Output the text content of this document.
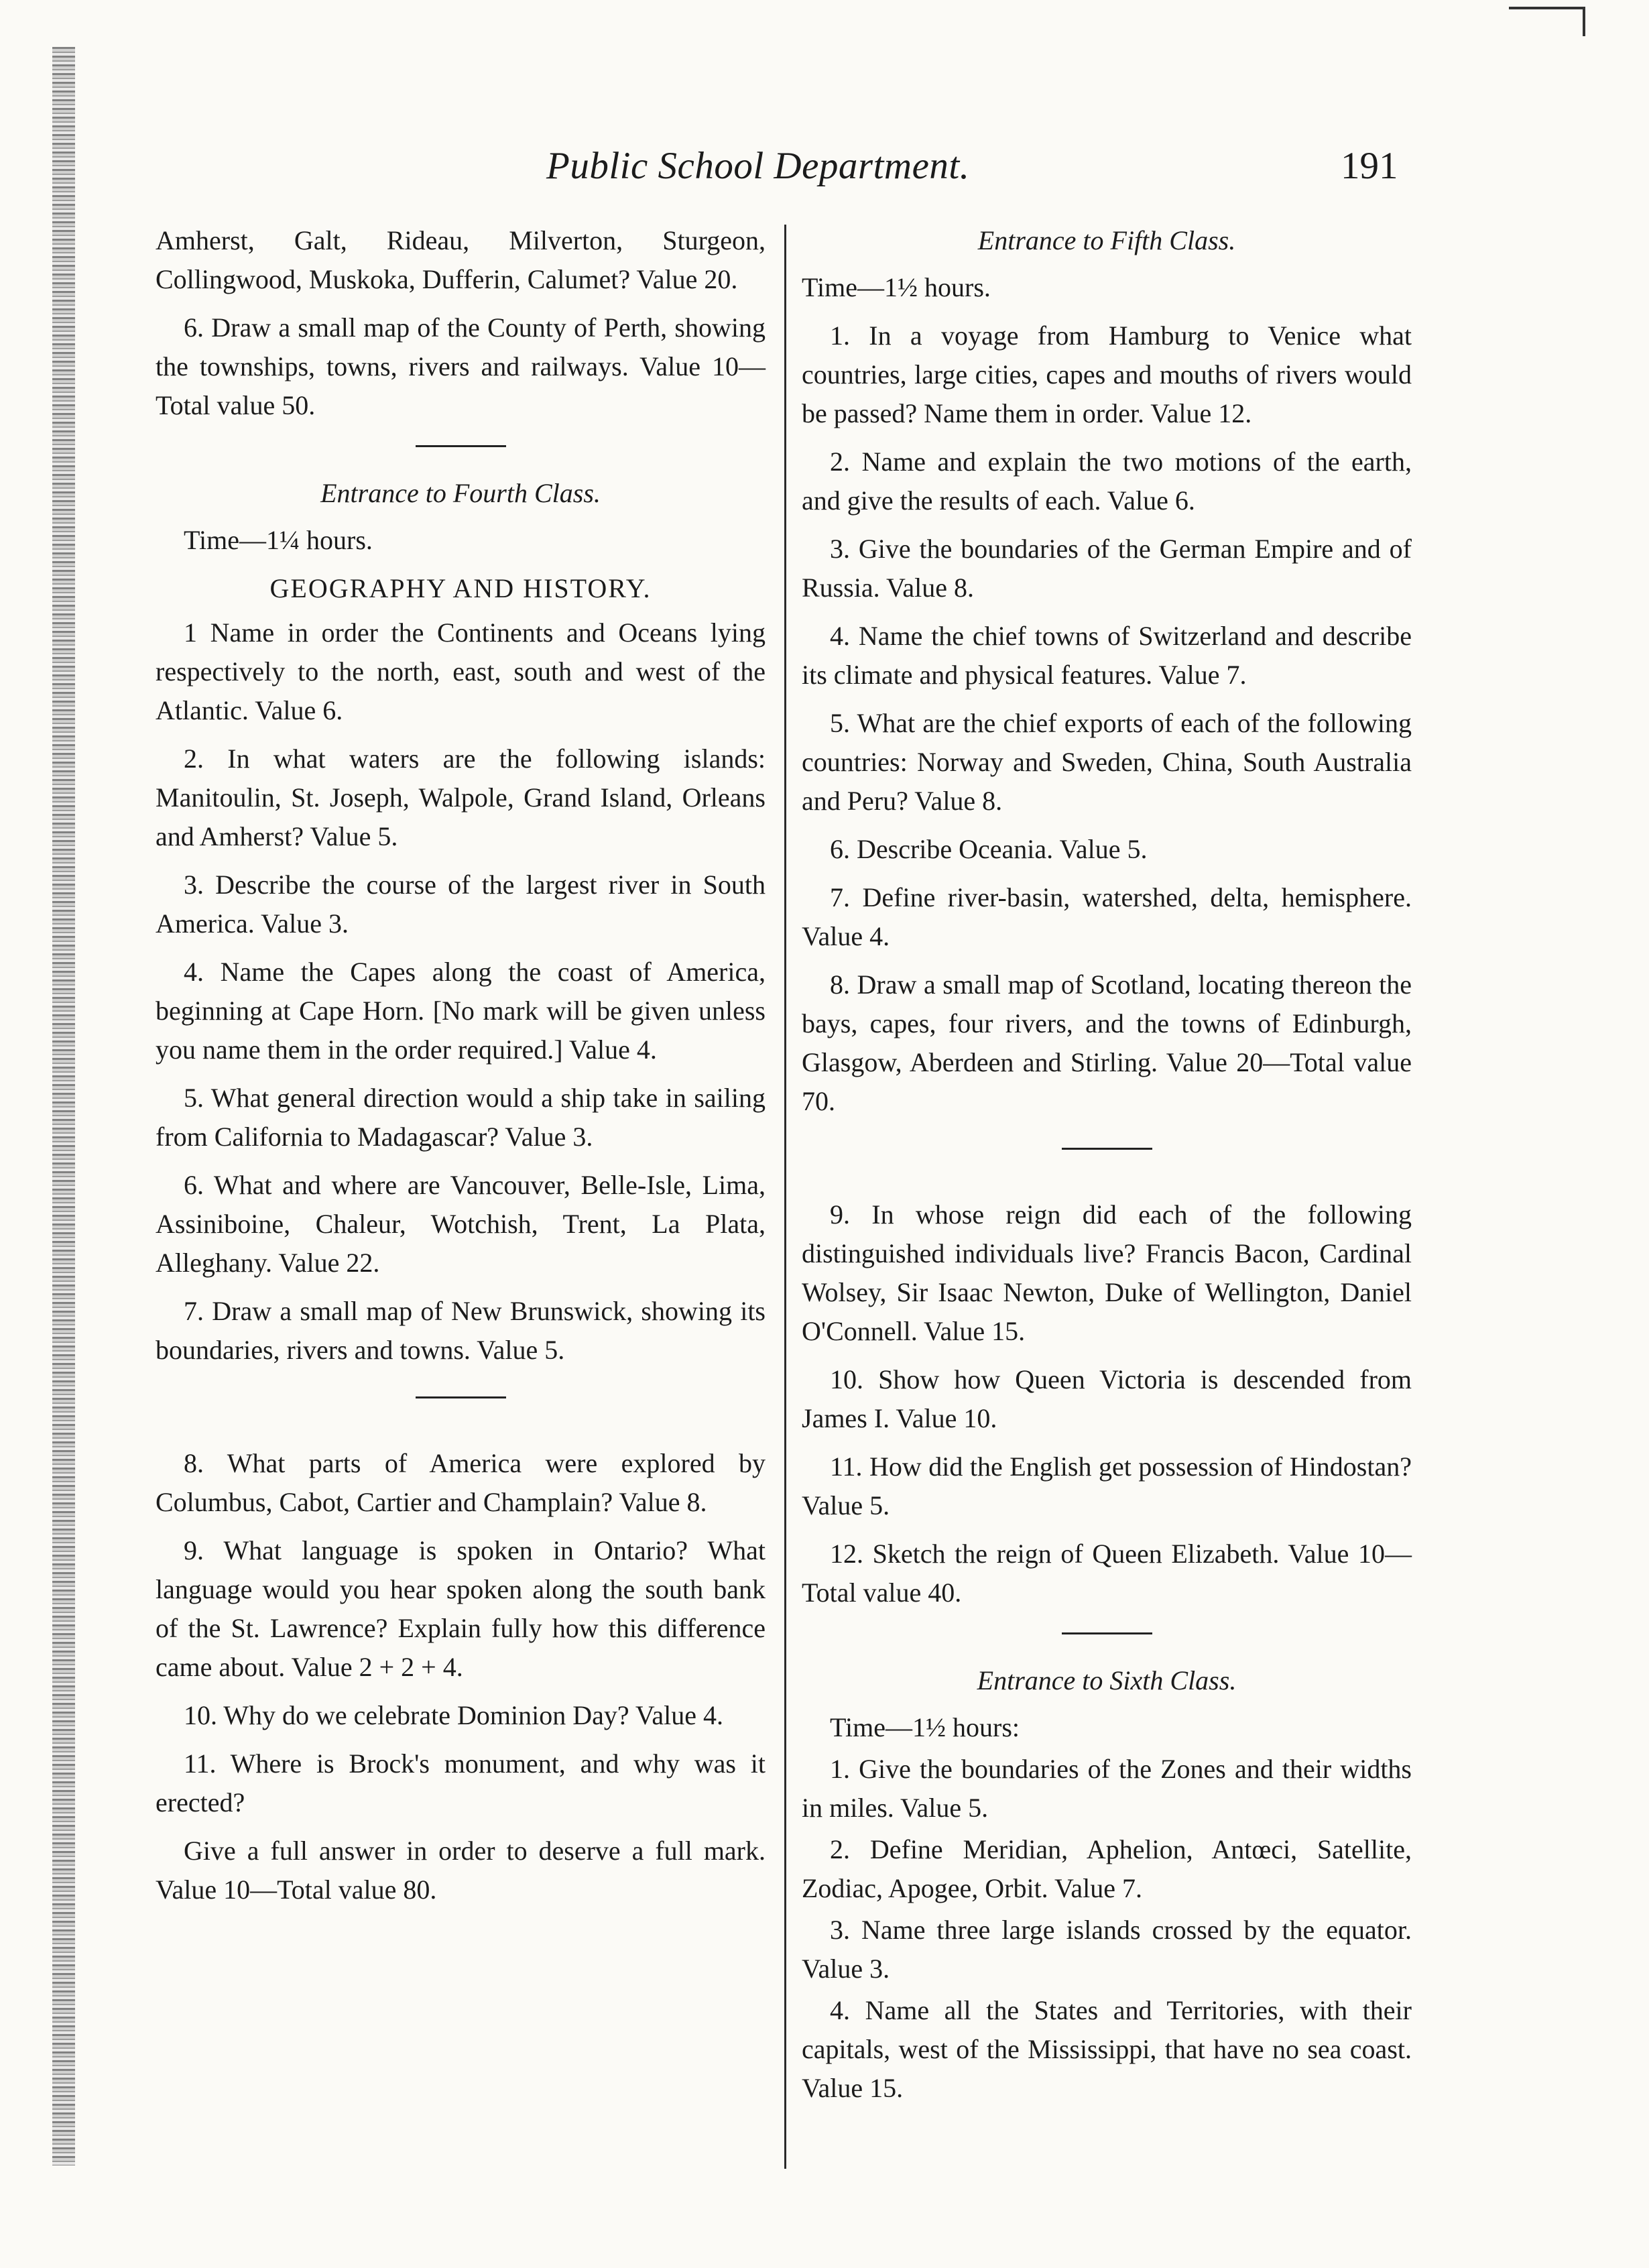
Public School Department.	191

Amherst, Galt, Rideau, Milverton, Sturgeon, Collingwood, Muskoka, Dufferin, Calumet? Value 20.

6. Draw a small map of the County of Perth, showing the townships, towns, rivers and railways. Value 10—Total value 50.

Entrance to Fourth Class.

Time—1¼ hours.

GEOGRAPHY AND HISTORY.

1 Name in order the Continents and Oceans lying respectively to the north, east, south and west of the Atlantic. Value 6.

2. In what waters are the following islands: Manitoulin, St. Joseph, Walpole, Grand Island, Orleans and Amherst? Value 5.

3. Describe the course of the largest river in South America. Value 3.

4. Name the Capes along the coast of America, beginning at Cape Horn. [No mark will be given unless you name them in the order required.] Value 4.

5. What general direction would a ship take in sailing from California to Madagascar? Value 3.

6. What and where are Vancouver, Belle-Isle, Lima, Assiniboine, Chaleur, Wotchish, Trent, La Plata, Alleghany. Value 22.

7. Draw a small map of New Brunswick, showing its boundaries, rivers and towns. Value 5.

8. What parts of America were explored by Columbus, Cabot, Cartier and Champlain? Value 8.

9. What language is spoken in Ontario? What language would you hear spoken along the south bank of the St. Lawrence? Explain fully how this difference came about. Value 2 + 2 + 4.

10. Why do we celebrate Dominion Day? Value 4.

11. Where is Brock's monument, and why was it erected?

Give a full answer in order to deserve a full mark. Value 10—Total value 80.

Entrance to Fifth Class.

Time—1½ hours.

1. In a voyage from Hamburg to Venice what countries, large cities, capes and mouths of rivers would be passed? Name them in order. Value 12.

2. Name and explain the two motions of the earth, and give the results of each. Value 6.

3. Give the boundaries of the German Empire and of Russia. Value 8.

4. Name the chief towns of Switzerland and describe its climate and physical features. Value 7.

5. What are the chief exports of each of the following countries: Norway and Sweden, China, South Australia and Peru? Value 8.

6. Describe Oceania. Value 5.

7. Define river-basin, watershed, delta, hemisphere. Value 4.

8. Draw a small map of Scotland, locating thereon the bays, capes, four rivers, and the towns of Edinburgh, Glasgow, Aberdeen and Stirling. Value 20—Total value 70.

9. In whose reign did each of the following distinguished individuals live? Francis Bacon, Cardinal Wolsey, Sir Isaac Newton, Duke of Wellington, Daniel O'Connell. Value 15.

10. Show how Queen Victoria is descended from James I. Value 10.

11. How did the English get possession of Hindostan? Value 5.

12. Sketch the reign of Queen Elizabeth. Value 10—Total value 40.

Entrance to Sixth Class.

Time—1½ hours:

1. Give the boundaries of the Zones and their widths in miles. Value 5.

2. Define Meridian, Aphelion, Antœci, Satellite, Zodiac, Apogee, Orbit. Value 7.

3. Name three large islands crossed by the equator. Value 3.

4. Name all the States and Territories, with their capitals, west of the Mississippi, that have no sea coast. Value 15.
